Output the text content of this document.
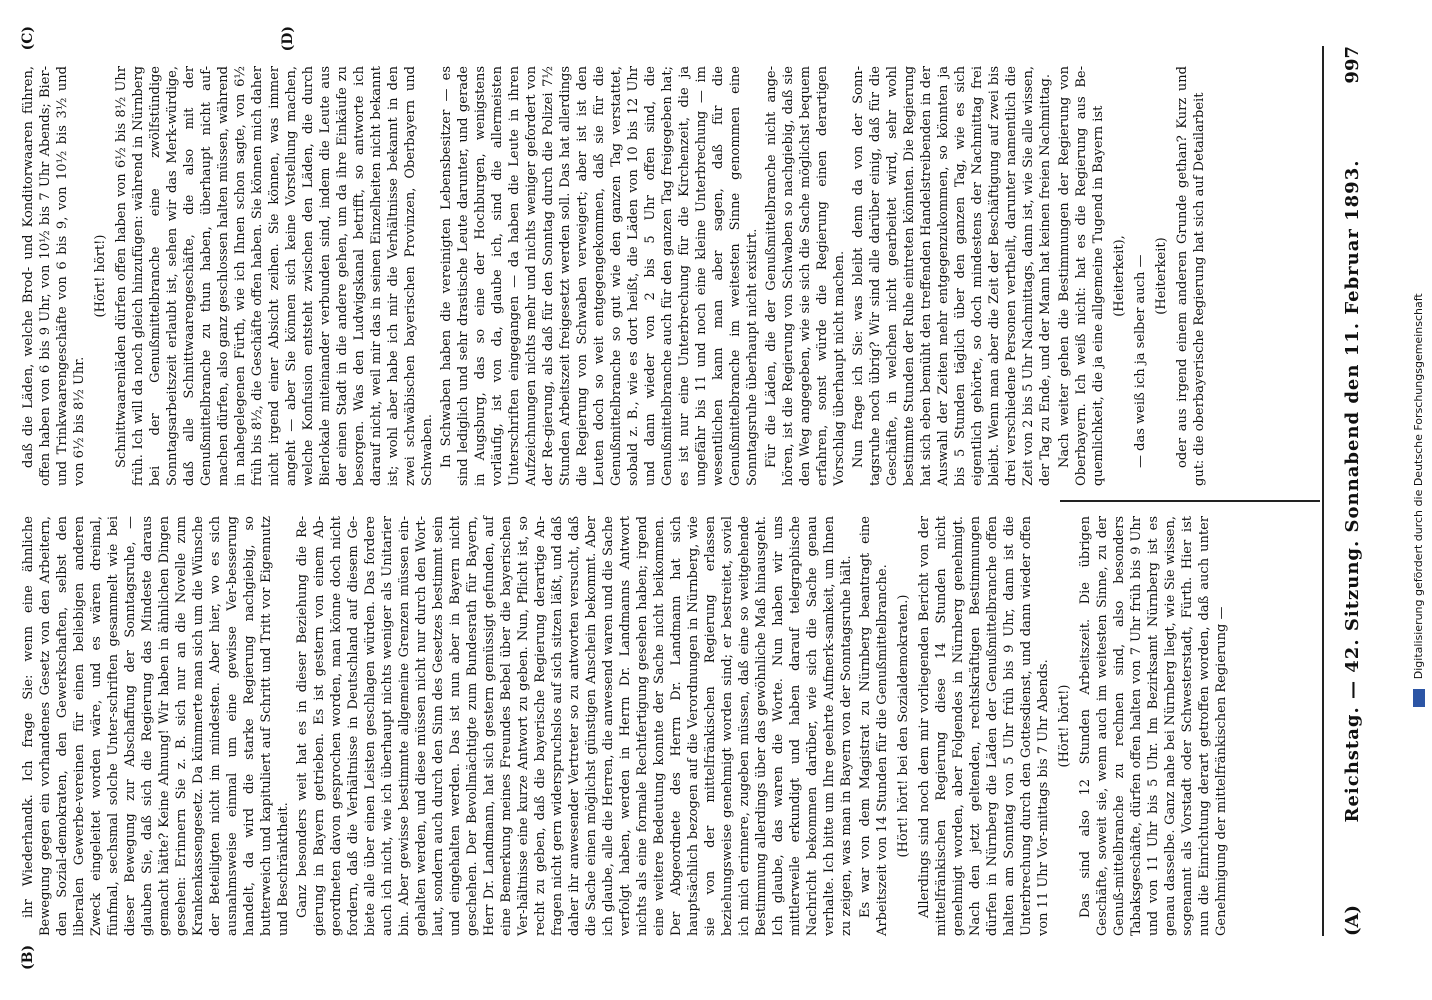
(A)
Reichstag. — 42. Sitzung. Sonnabend den 11. Februar 1893.
997
(B)

ihr Wiederhandk. Ich frage Sie: wenn eine ähnliche Bewegung gegen ein vorhandenes Gesetz von den Arbeitern, den Sozial-demokraten, den Gewerkschaften, selbst den liberalen Gewerbe-vereinen für einen beliebigen anderen Zweck eingeleitet worden wäre, und es wären dreimal, fünfmal, sechsmal solche Unter-schriften gesammelt wie bei dieser Bewegung zur Abschaffung der Sonntagsruhe, — glauben Sie, daß sich die Regierung das Mindeste daraus gemacht hätte? Keine Ahnung! Wir haben in ähnlichen Dingen gesehen: Erinnern Sie z. B. sich nur an die Novelle zum Krankenkassengesetz. Da kümmerte man sich um die Wünsche der Beteiligten nicht im mindesten. Aber hier, wo es sich ausnahmsweise einmal um eine gewisse Ver-besserung handelt, da wird die starke Regierung nachgiebig, so butterweich und kapituliert auf Schritt und Tritt vor Eigennutz und Beschränktheit. Ganz besonders weit hat es in dieser Beziehung die Re-gierung in Bayern getrieben. Es ist gestern von einem Ab-geordneten davon gesprochen worden, man könne doch nicht fordern, daß die Verhältnisse in Deutschland auf diesem Ge-biete alle über einen Leisten geschlagen würden. Das fordere auch ich nicht, wie ich überhaupt nichts weniger als Unitarier bin. Aber gewisse bestimmte allgemeine Grenzen müssen ein-gehalten werden, und diese müssen nicht nur durch den Wort-laut, sondern auch durch den Sinn des Gesetzes bestimmt sein und eingehalten werden. Das ist nun aber in Bayern nicht geschehen. Der Bevollmächtigte zum Bundesrath für Bayern, Herr Dr. Landmann, hat sich gestern gemüssigt gefunden, auf eine Bemerkung meines Freundes Bebel über die bayerischen Ver-hältnisse eine kurze Antwort zu geben. Nun, Pflicht ist, so recht zu geben, daß die bayerische Regierung derartige An-fragen nicht gern widerspruchslos auf sich sitzen läßt, und daß daher ihr anwesender Vertreter so zu antworten versucht, daß die Sache einen möglichst günstigen Anschein bekommt. Aber ich glaube, alle die Herren, die anwesend waren und die Sache verfolgt haben, werden in Herrn Dr. Landmanns Antwort nichts als eine formale Rechtfertigung gesehen haben; irgend eine weitere Bedeutung konnte der Sache nicht beikommen. Der Abgeordnete des Herrn Dr. Landmann hat sich hauptsächlich bezogen auf die Verordnungen in Nürnberg, wie sie von der mittelfränkischen Regierung erlassen beziehungsweise genehmigt worden sind; er bestreitet, soviel ich mich erinnere, zugeben müssen, daß eine so weitgehende Bestimmung allerdings über das gewöhnliche Maß hinausgeht. Ich glaube, das waren die Worte. Nun haben wir uns mittlerweile erkundigt und haben darauf telegraphische Nachricht bekommen darüber, wie sich die Sache genau verhalte. Ich bitte um Ihre geehrte Aufmerk-samkeit, um Ihnen zu zeigen, was man in Bayern von der Sonntagsruhe hält. Es war von dem Magistrat zu Nürnberg beantragt eine Arbeitszeit von 14 Stunden für die Genußmittelbranche. (Hört! hört! bei den Sozialdemokraten.) Allerdings sind noch dem mir vorliegenden Bericht von der mittelfränkischen Regierung diese 14 Stunden nicht genehmigt worden, aber Folgendes in Nürnberg genehmigt. Nach den jetzt geltenden, rechtskräftigen Bestimmungen dürfen in Nürnberg die Läden der Genußmittelbranche offen halten am Sonntag von 5 Uhr früh bis 9 Uhr, dann ist die Unterbrechung durch den Gottesdienst, und dann wieder offen von 11 Uhr Vor-mittags bis 7 Uhr Abends. (Hört! hört!) Das sind also 12 Stunden Arbeitszeit. Die übrigen Geschäfte, soweit sie, wenn auch im weitesten Sinne, zu der Genuß-mittelbranche zu rechnen sind, also besonders Tabaksgeschäfte, dürfen offen halten von 7 Uhr früh bis 9 Uhr und von 11 Uhr bis 5 Uhr. Im Bezirksamt Nürnberg ist es genau dasselbe. Ganz nahe bei Nürnberg liegt, wie Sie wissen, sogenannt als Vorstadt oder Schwesterstadt, Fürth. Hier ist nun die Einrichtung derart getroffen worden, daß auch unter Genehmigung der mittelfränkischen Regierung —

(C)	(D)

daß die Läden, welche Brod- und Konditorwaaren führen, offen haben von 6 bis 9 Uhr, von 10½ bis 7 Uhr Abends; Bier- und Trinkwaarengeschäfte von 6 bis 9, von 10½ bis 3½ und von 6½ bis 8½ Uhr.

(Hört! hört!) Schnittwaarenläden dürfen offen haben von 6½ bis 8½ Uhr früh. Ich will da noch gleich hinzufügen: während in Nürnberg bei der Genußmittelbranche eine zwölfstündige Sonntagsarbeitszeit erlaubt ist, sehen wir das Merk-würdige, daß alle Schnittwaarengeschäfte, die also mit der Genußmittelbranche zu thun haben, überhaupt nicht auf-machen dürfen, also ganz geschlossen halten müssen, während in nahegelegenen Fürth, wie ich Ihnen schon sagte, von 6½ früh bis 8½, die Geschäfte offen haben. Sie können mich daher nicht irgend einer Absicht zeihen. Sie können, was immer angeht — aber Sie können sich keine Vorstellung machen, welche Konfusion entsteht zwischen den Läden, die durch Bierlokale miteinander verbunden sind, indem die Leute aus der einen Stadt in die andere gehen, um da ihre Einkäufe zu besorgen. Was den Ludwigskanal betrifft, so antworte ich darauf nicht, weil mir das in seinen Einzelheiten nicht bekannt ist; wohl aber habe ich mir die Verhältnisse bekannt in den zwei schwäbischen bayerischen Provinzen, Oberbayern und Schwaben. In Schwaben haben die vereinigten Lebensbesitzer — es sind lediglich und sehr drastische Leute darunter, und gerade in Augsburg, das so eine der Hochburgen, wenigstens vorläufig, ist von da, glaube ich, sind die allermeisten Unterschriften eingegangen — da haben die Leute in ihren Aufzeichnungen nichts mehr und nichts weniger gefordert von der Re-gierung, als daß für den Sonntag durch die Polizei 7½ Stunden Arbeitszeit freigesetzt werden soll. Das hat allerdings die Regierung von Schwaben verweigert; aber ist ist den Leuten doch so weit entgegengekommen, daß sie für die Genußmittelbranche so gut wie den ganzen Tag verstattet, sobald z. B., wie es dort heißt, die Läden von 10 bis 12 Uhr und dann wieder von 2 bis 5 Uhr offen sind, die Genußmittelbranche auch für den ganzen Tag freigegeben hat; es ist nur eine Unterbrechung für die Kirchenzeit, die ja ungefähr bis 11 und noch eine kleine Unterbrechung — im wesentlichen kann man aber sagen, daß für die Genußmittelbranche im weitesten Sinne genommen eine Sonntagsruhe überhaupt nicht existirt. Für die Läden, die der Genußmittelbranche nicht ange-hören, ist die Regierung von Schwaben so nachgiebig, daß sie den Weg angegeben, wie sie sich die Sache möglichst bequem erfahren, sonst würde die Regierung einen derartigen Vorschlag überhaupt nicht machen. Nun frage ich Sie: was bleibt denn da von der Sonn-tagsruhe noch übrig? Wir sind alle darüber einig, daß für die Geschäfte, in welchen nicht gearbeitet wird, sehr wohl bestimmte Stunden der Ruhe eintreten könnten. Die Regierung hat sich eben bemüht den treffenden Handelstreibenden in der Auswahl der Zeiten mehr entgegenzukommen, so könnten ja bis 5 Stunden täglich über den ganzen Tag, wie es sich eigentlich gehörte, so doch mindestens der Nachmittag frei bleibt. Wenn man aber die Zeit der Beschäftigung auf zwei bis drei verschiedene Personen vertheilt, darunter namentlich die Zeit von 2 bis 5 Uhr Nachmittags, dann ist, wie Sie alle wissen, der Tag zu Ende, und der Mann hat keinen freien Nachmittag. Nach weiter gehen die Bestimmungen der Regierung von Oberbayern. Ich weiß nicht: hat es die Regierung aus Be-quemlichkeit, die ja eine allgemeine Tugend in Bayern ist (Heiterkeit), — das weiß ich ja selber auch — (Heiterkeit) oder aus irgend einem anderen Grunde gethan? Kurz und gut: die oberbayerische Regierung hat sich auf Detailarbeit

Digitalisierung gefördert durch die Deutsche Forschungsgemeinschaft
